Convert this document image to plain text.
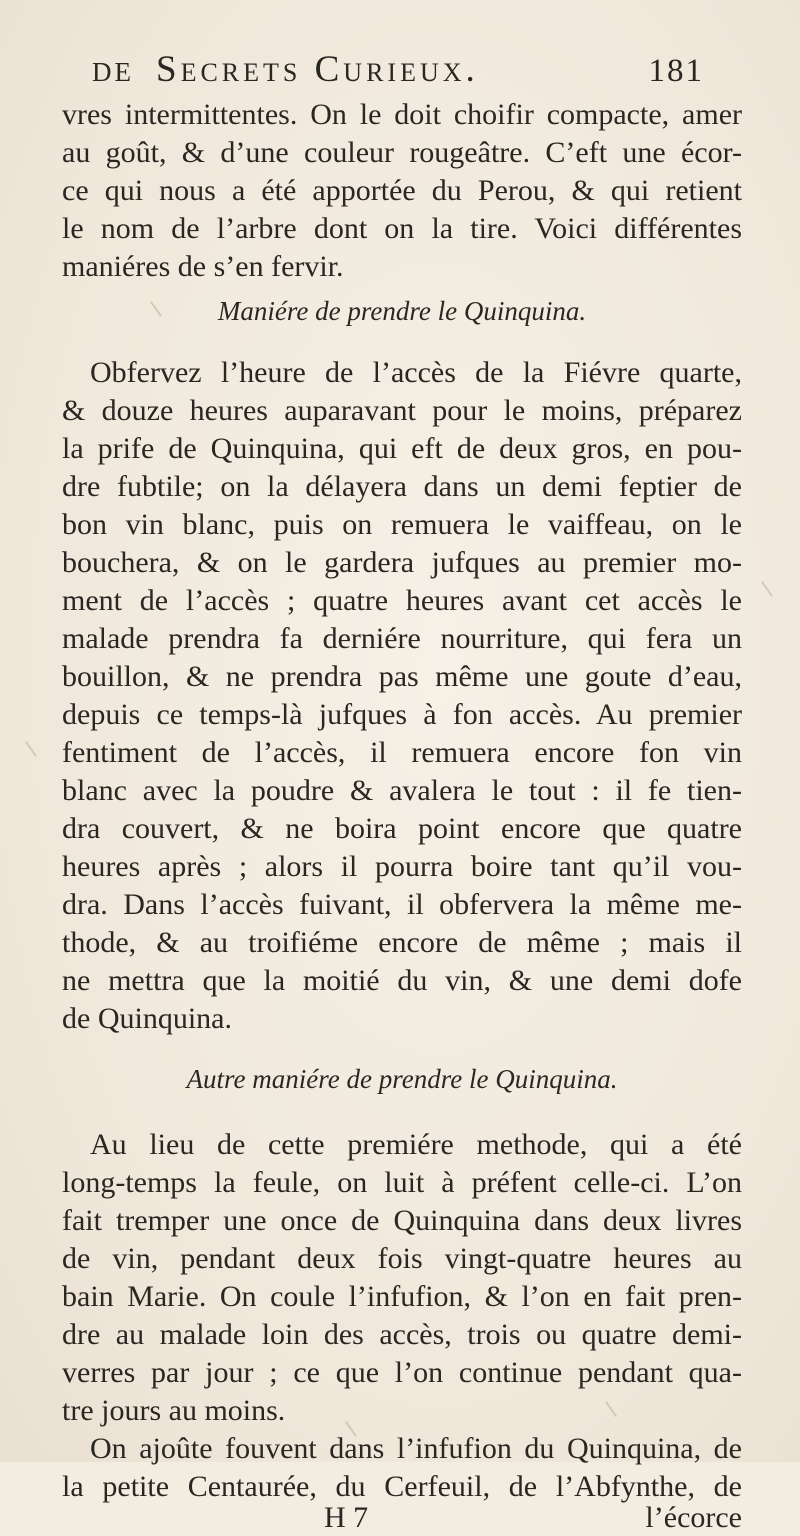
DE Secrets Curieux.	181
vres intermittentes. On le doit choifir compacte, amer
au goût, & d’une couleur rougeâtre. C’eft une écor-
ce qui nous a été apportée du Perou, & qui retient
le nom de l’arbre dont on la tire. Voici différentes
maniéres de s’en fervir.
Maniére de prendre le Quinquina.
Obfervez l’heure de l’accès de la Fiévre quarte,
& douze heures auparavant pour le moins, préparez
la prife de Quinquina, qui eft de deux gros, en pou-
dre fubtile; on la délayera dans un demi feptier de
bon vin blanc, puis on remuera le vaiffeau, on le
bouchera, & on le gardera jufques au premier mo-
ment de l’accès ; quatre heures avant cet accès le
malade prendra fa derniére nourriture, qui fera un
bouillon, & ne prendra pas même une goute d’eau,
depuis ce temps-là jufques à fon accès. Au premier
fentiment de l’accès, il remuera encore fon vin
blanc avec la poudre & avalera le tout : il fe tien-
dra couvert, & ne boira point encore que quatre
heures après ; alors il pourra boire tant qu’il vou-
dra. Dans l’accès fuivant, il obfervera la même me-
thode, & au troifiéme encore de même ; mais il
ne mettra que la moitié du vin, & une demi dofe
de Quinquina.
Autre maniére de prendre le Quinquina.
Au lieu de cette premiére methode, qui a été
long-temps la feule, on luit à préfent celle-ci. L’on
fait tremper une once de Quinquina dans deux livres
de vin, pendant deux fois vingt-quatre heures au
bain Marie. On coule l’infufion, & l’on en fait pren-
dre au malade loin des accès, trois ou quatre demi-
verres par jour ; ce que l’on continue pendant qua-
tre jours au moins.
On ajoûte fouvent dans l’infufion du Quinquina, de
la petite Centaurée, du Cerfeuil, de l’Abfynthe, de
H 7	l’écorce
